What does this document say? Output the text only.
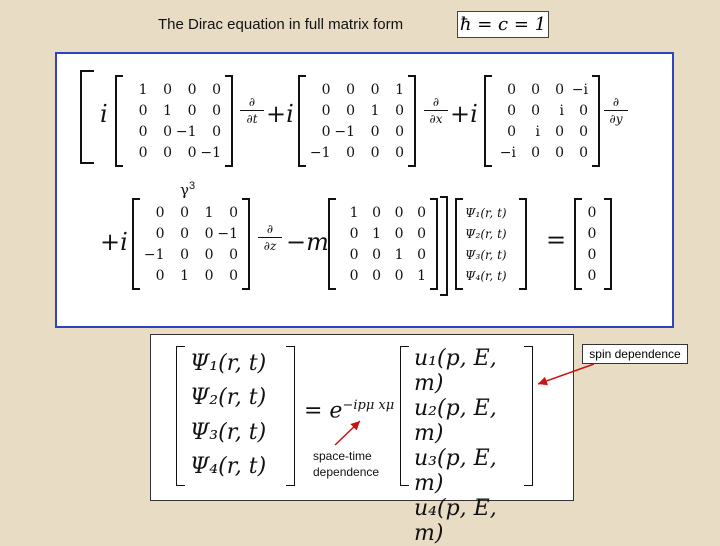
The Dirac equation in full matrix form	ħ = c = 1
i
1 0 0 0
0 1 0 0
0 0 −1 0
0 0 0 −1
∂
∂t +i
0 0 0 1
0 0 1 0
0 −1 0 0
−1 0 0 0
∂
∂x +i
0 0 0 −i
0 0 i 0
0 i 0 0
−i 0 0 0
∂
∂y
$\gamma^3$
+i
0 0 1 0
0 0 0 −1
−1 0 0 0
0 1 0 0
∂
∂z −m
1 0 0 0
0 1 0 0
0 0 1 0
0 0 0 1
Ψ₁(r, t)
Ψ₂(r, t)
Ψ₃(r, t)
Ψ₄(r, t)
=
0
0
0
0
Ψ₁(r, t)
Ψ₂(r, t)
Ψ₃(r, t)
Ψ₄(r, t)
= $e^{-ip\mu x\mu}$
u₁(p, E, m)
u₂(p, E, m)
u₃(p, E, m)
u₄(p, E, m)
space-time dependence
spin dependence
